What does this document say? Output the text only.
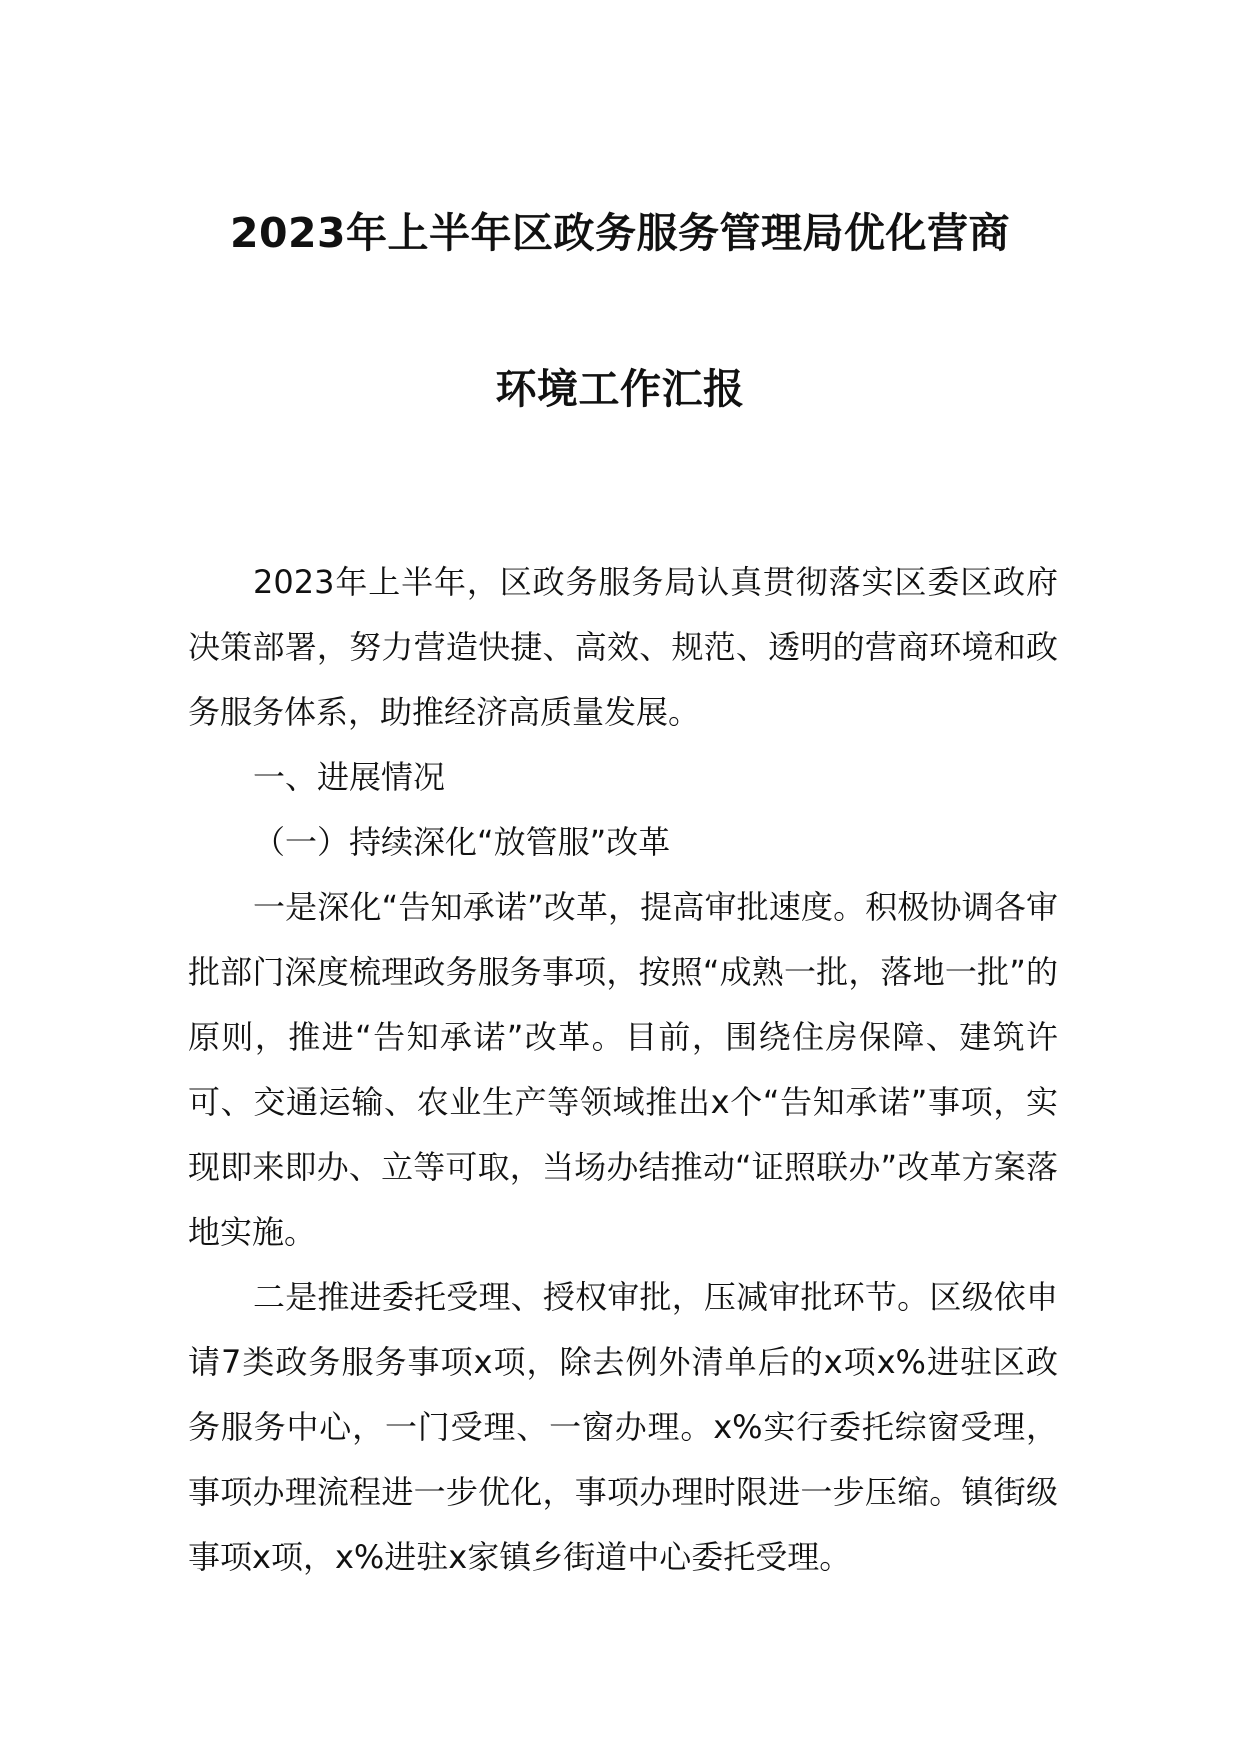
2023年上半年区政务服务管理局优化营商
环境工作汇报

2023年上半年，区政务服务局认真贯彻落实区委区政府决策部署，努力营造快捷、高效、规范、透明的营商环境和政务服务体系，助推经济高质量发展。

一、进展情况

（一）持续深化“放管服”改革

一是深化“告知承诺”改革，提高审批速度。积极协调各审批部门深度梳理政务服务事项，按照“成熟一批，落地一批”的原则，推进“告知承诺”改革。目前，围绕住房保障、建筑许可、交通运输、农业生产等领域推出x个“告知承诺”事项，实现即来即办、立等可取，当场办结推动“证照联办”改革方案落地实施。

二是推进委托受理、授权审批，压减审批环节。区级依申请7类政务服务事项x项，除去例外清单后的x项x%进驻区政务服务中心，一门受理、一窗办理。x%实行委托综窗受理，事项办理流程进一步优化，事项办理时限进一步压缩。镇街级事项x项，x%进驻x家镇乡街道中心委托受理。
